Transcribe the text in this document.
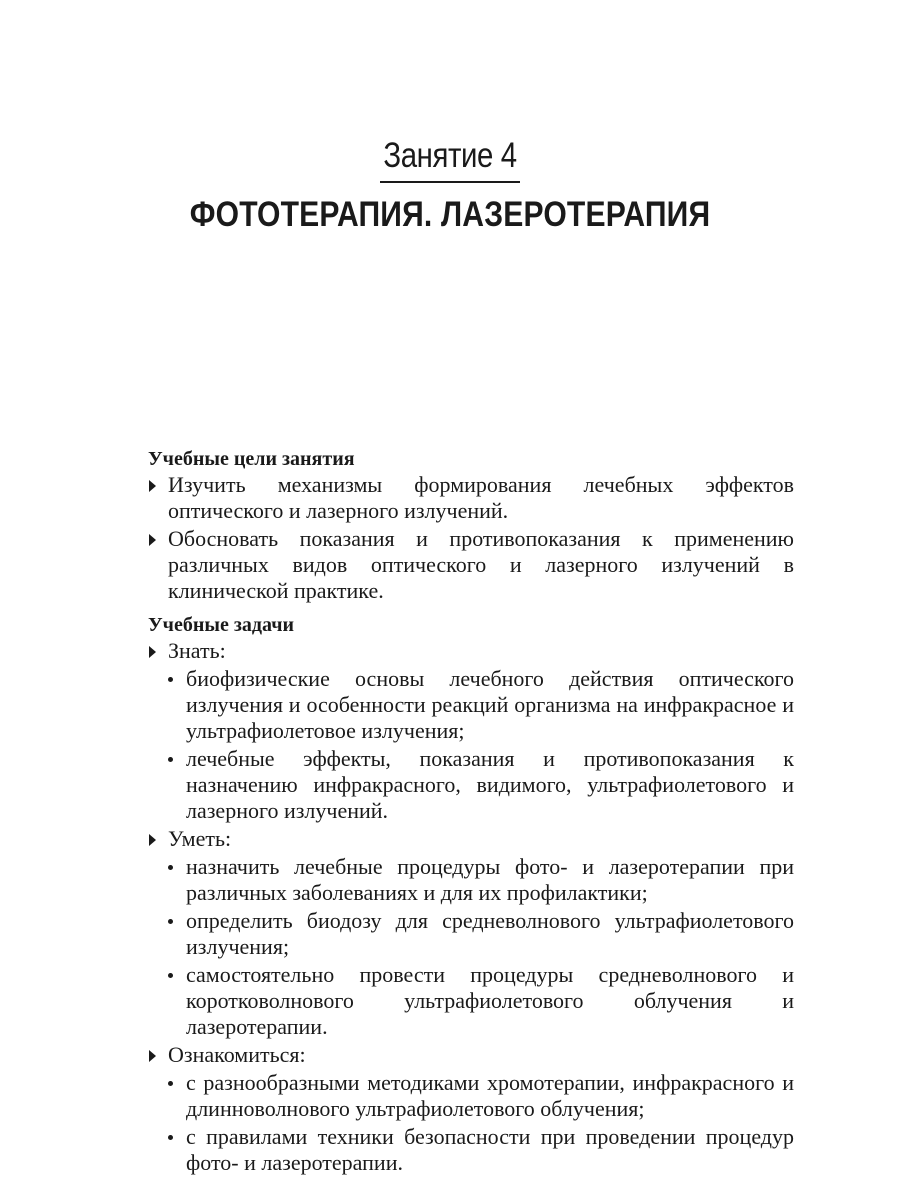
Занятие 4
ФОТОТЕРАПИЯ. ЛАЗЕРОТЕРАПИЯ

Учебные цели занятия

Изучить механизмы формирования лечебных эффектов оптического и лазерного излучений.
Обосновать показания и противопоказания к применению различных видов оптического и лазерного излучений в клинической практике.

Учебные задачи

Знать:
биофизические основы лечебного действия оптического излучения и особенности реакций организма на инфракрасное и ультрафиолетовое излучения;
лечебные эффекты, показания и противопоказания к назначению инфракрасного, видимого, ультрафиолетового и лазерного излучений.
Уметь:
назначить лечебные процедуры фото- и лазеротерапии при различных заболеваниях и для их профилактики;
определить биодозу для средневолнового ультрафиолетового излучения;
самостоятельно провести процедуры средневолнового и коротковолнового ультрафиолетового облучения и лазеротерапии.
Ознакомиться:
с разнообразными методиками хромотерапии, инфракрасного и длинноволнового ультрафиолетового облучения;
с правилами техники безопасности при проведении процедур фото- и лазеротерапии.
